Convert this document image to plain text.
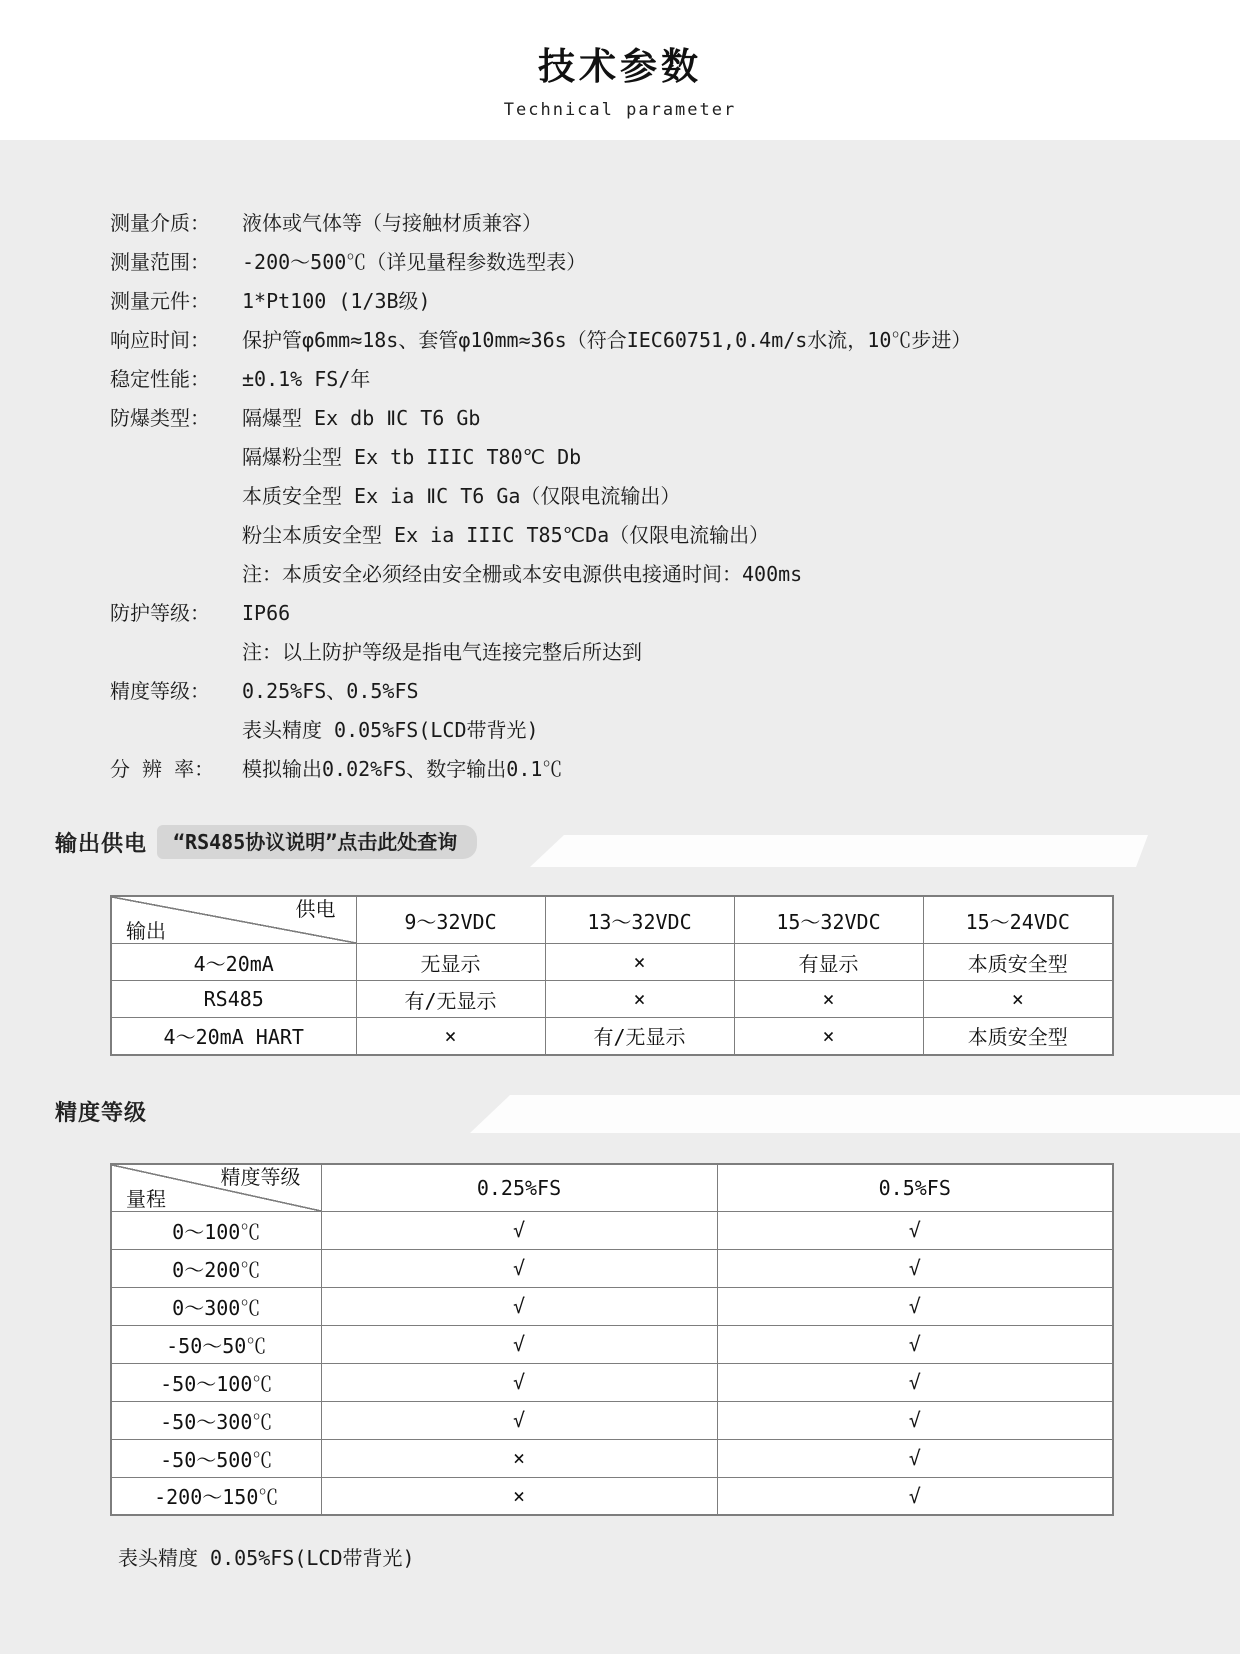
技术参数
Technical parameter
测量介质：	液体或气体等（与接触材质兼容）
测量范围：	-200～500℃（详见量程参数选型表）
测量元件：	1*Pt100 (1/3B级)
响应时间：	保护管φ6mm≈18s、套管φ10mm≈36s（符合IEC60751,0.4m/s水流，10℃步进）
稳定性能：	±0.1% FS/年
防爆类型：	隔爆型 Ex db ⅡC T6 Gb
隔爆粉尘型 Ex tb IIIC T80℃ Db
本质安全型 Ex ia ⅡC T6 Ga（仅限电流输出）
粉尘本质安全型 Ex ia IIIC T85℃Da（仅限电流输出）
注：本质安全必须经由安全栅或本安电源供电接通时间：400ms
防护等级：	IP66
注：以上防护等级是指电气连接完整后所达到
精度等级：	0.25%FS、0.5%FS
表头精度 0.05%FS(LCD带背光)
分 辨 率：	模拟输出0.02%FS、数字输出0.1℃
输出供电	“RS485协议说明”点击此处查询
供电
输出	9～32VDC	13～32VDC	15～32VDC	15～24VDC
4～20mA	无显示	×	有显示	本质安全型
RS485	有/无显示	×	×	×
4～20mA HART	×	有/无显示	×	本质安全型
精度等级
精度等级
量程	0.25%FS	0.5%FS
0～100℃	√	√
0～200℃	√	√
0～300℃	√	√
-50～50℃	√	√
-50～100℃	√	√
-50～300℃	√	√
-50～500℃	×	√
-200～150℃	×	√
表头精度 0.05%FS(LCD带背光)
